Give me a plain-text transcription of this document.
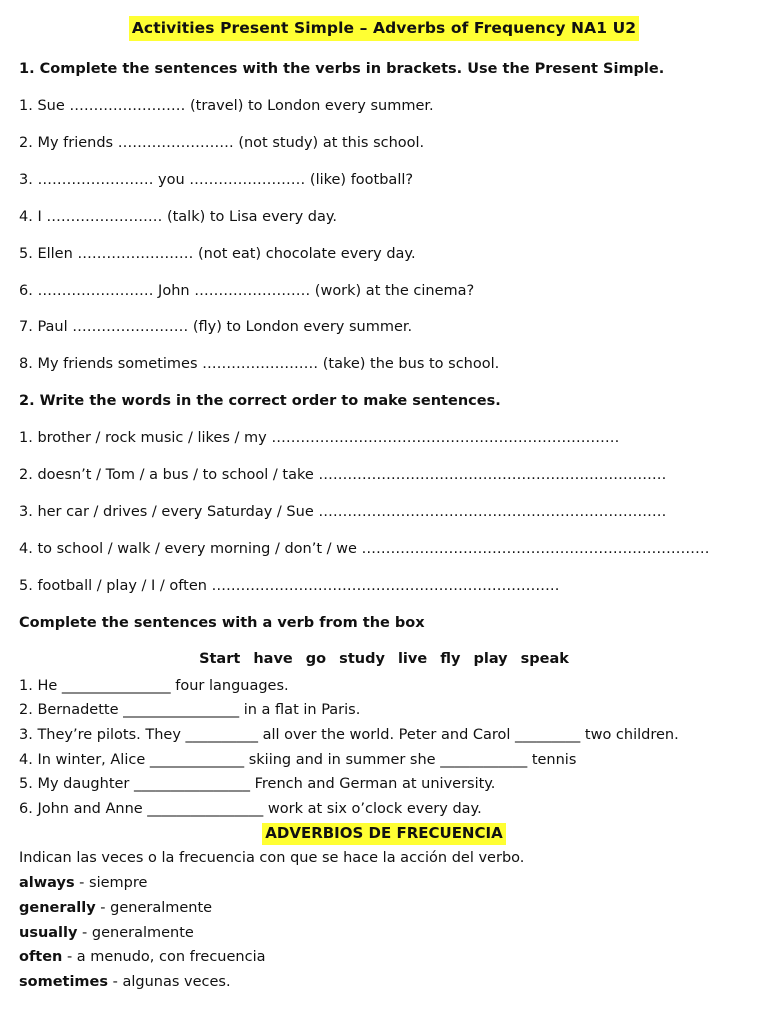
Activities Present Simple – Adverbs of Frequency NA1 U2
1. Complete the sentences with the verbs in brackets. Use the Present Simple.
1. Sue …………………… (travel) to London every summer.
2. My friends …………………… (not study) at this school.
3. …………………… you …………………… (like) football?
4. I …………………… (talk) to Lisa every day.
5. Ellen …………………… (not eat) chocolate every day.
6. …………………… John …………………… (work) at the cinema?
7. Paul …………………… (fly) to London every summer.
8. My friends sometimes …………………… (take) the bus to school.
2. Write the words in the correct order to make sentences.
1. brother / rock music / likes / my ………………………………………………………………
2. doesn’t / Tom / a bus / to school / take ………………………………………………………………
3. her car / drives / every Saturday / Sue ………………………………………………………………
4. to school / walk / every morning / don’t / we ………………………………………………………………
5. football / play / I / often ………………………………………………………………
Complete the sentences with a verb from the box
Start have go study live fly play speak
1. He _______________ four languages.
2. Bernadette ________________ in a flat in Paris.
3. They’re pilots. They __________ all over the world. Peter and Carol _________ two children.
4. In winter, Alice _____________ skiing and in summer she ____________ tennis
5. My daughter ________________ French and German at university.
6. John and Anne ________________ work at six o’clock every day.
ADVERBIOS DE FRECUENCIA
Indican las veces o la frecuencia con que se hace la acción del verbo.
always - siempre
generally - generalmente
usually - generalmente
often - a menudo, con frecuencia
sometimes - algunas veces.
